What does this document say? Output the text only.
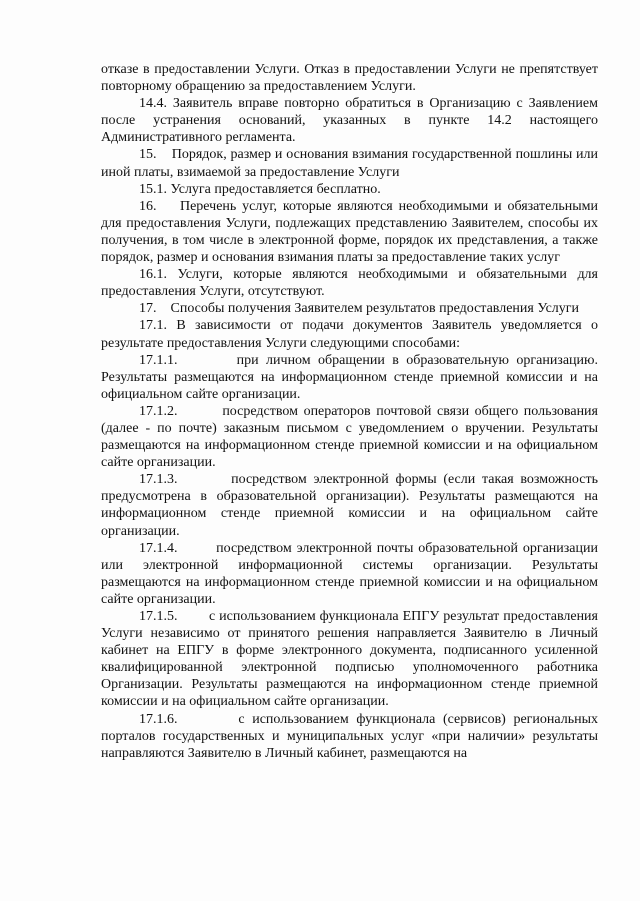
отказе в предоставлении Услуги. Отказ в предоставлении Услуги не препятствует повторному обращению за предоставлением Услуги.

14.4. Заявитель вправе повторно обратиться в Организацию с Заявлением после устранения оснований, указанных в пункте 14.2 настоящего Административного регламента.

15.    Порядок, размер и основания взимания государственной пошлины или иной платы, взимаемой за предоставление Услуги

15.1. Услуга предоставляется бесплатно.

16.    Перечень услуг, которые являются необходимыми и обязательными для предоставления Услуги, подлежащих представлению Заявителем, способы их получения, в том числе в электронной форме, порядок их представления, а также порядок, размер и основания взимания платы за предоставление таких услуг

16.1. Услуги, которые являются необходимыми и обязательными для предоставления Услуги, отсутствуют.

17.    Способы получения Заявителем результатов предоставления Услуги

17.1. В зависимости от подачи документов Заявитель уведомляется о результате предоставления Услуги следующими способами:

17.1.1.        при личном обращении в образовательную организацию. Результаты размещаются на информационном стенде приемной комиссии и на официальном сайте организации.

17.1.2.        посредством операторов почтовой связи общего пользования (далее - по почте) заказным письмом с уведомлением о вручении. Результаты размещаются на информационном стенде приемной комиссии и на официальном сайте организации.

17.1.3.        посредством электронной формы (если такая возможность предусмотрена в образовательной организации). Результаты размещаются на информационном стенде приемной комиссии и на официальном сайте организации.

17.1.4.        посредством электронной почты образовательной организации или электронной информационной системы организации. Результаты размещаются на информационном стенде приемной комиссии и на официальном сайте организации.

17.1.5.        с использованием функционала ЕПГУ результат предоставления Услуги независимо от принятого решения направляется Заявителю в Личный кабинет на ЕПГУ в форме электронного документа, подписанного усиленной квалифицированной электронной подписью уполномоченного работника Организации. Результаты размещаются на информационном стенде приемной комиссии и на официальном сайте организации.

17.1.6.        с использованием функционала (сервисов) региональных порталов государственных и муниципальных услуг «при наличии» результаты направляются Заявителю в Личный кабинет, размещаются на
